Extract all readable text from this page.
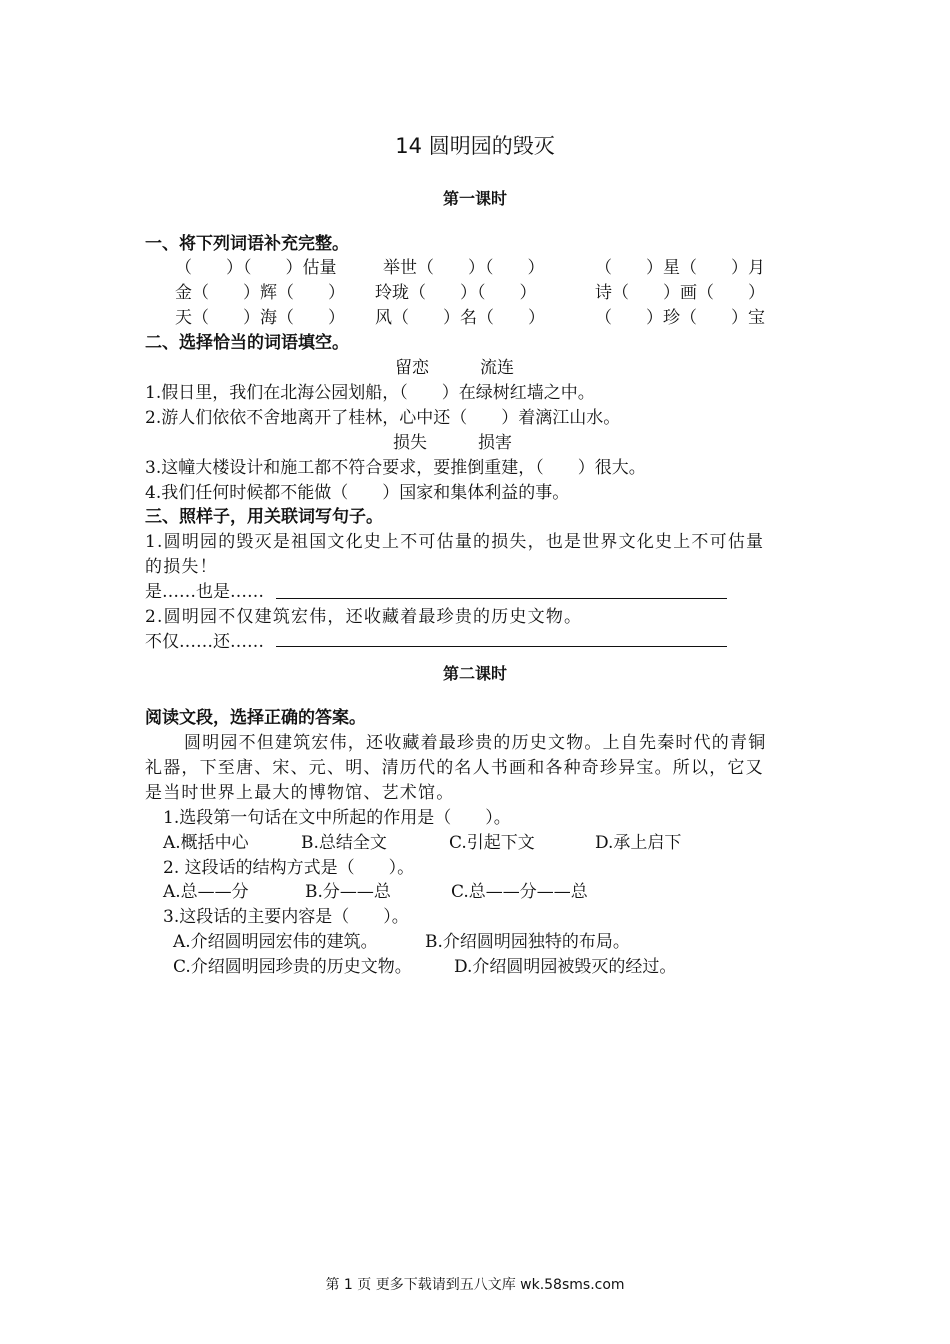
14 圆明园的毁灭
第一课时
一、将下列词语补充完整。
（　　）（　　）估量	举世（　　）（　　）	（　　）星（　　）月
金（　　）辉（　　） 玲珑（　　）（　　）	诗（　　）画（　　）
天（　　）海（　　） 风（　　）名（　　）	（　　）珍（　　）宝
二、选择恰当的词语填空。
留恋　　　流连
1.假日里，我们在北海公园划船，（　　）在绿树红墙之中。
2.游人们依依不舍地离开了桂林，心中还（　　）着漓江山水。
损失　　　损害
3.这幢大楼设计和施工都不符合要求，要推倒重建，（　　）很大。
4.我们任何时候都不能做（　　）国家和集体利益的事。
三、照样子，用关联词写句子。
1.圆明园的毁灭是祖国文化史上不可估量的损失，也是世界文化史上不可估量
的损失！
是……也是……
2.圆明园不仅建筑宏伟，还收藏着最珍贵的历史文物。
不仅……还……
第二课时
阅读文段，选择正确的答案。
圆明园不但建筑宏伟，还收藏着最珍贵的历史文物。上自先秦时代的青铜
礼器，下至唐、宋、元、明、清历代的名人书画和各种奇珍异宝。所以，它又
是当时世界上最大的博物馆、艺术馆。
1.选段第一句话在文中所起的作用是（　　）。
A.概括中心	B.总结全文	C.引起下文	D.承上启下
2. 这段话的结构方式是（　　）。
A.总——分	B.分——总	C.总——分——总
3.这段话的主要内容是（　　）。
A.介绍圆明园宏伟的建筑。	B.介绍圆明园独特的布局。
C.介绍圆明园珍贵的历史文物。 D.介绍圆明园被毁灭的经过。
第 1 页 更多下载请到五八文库 wk.58sms.com
